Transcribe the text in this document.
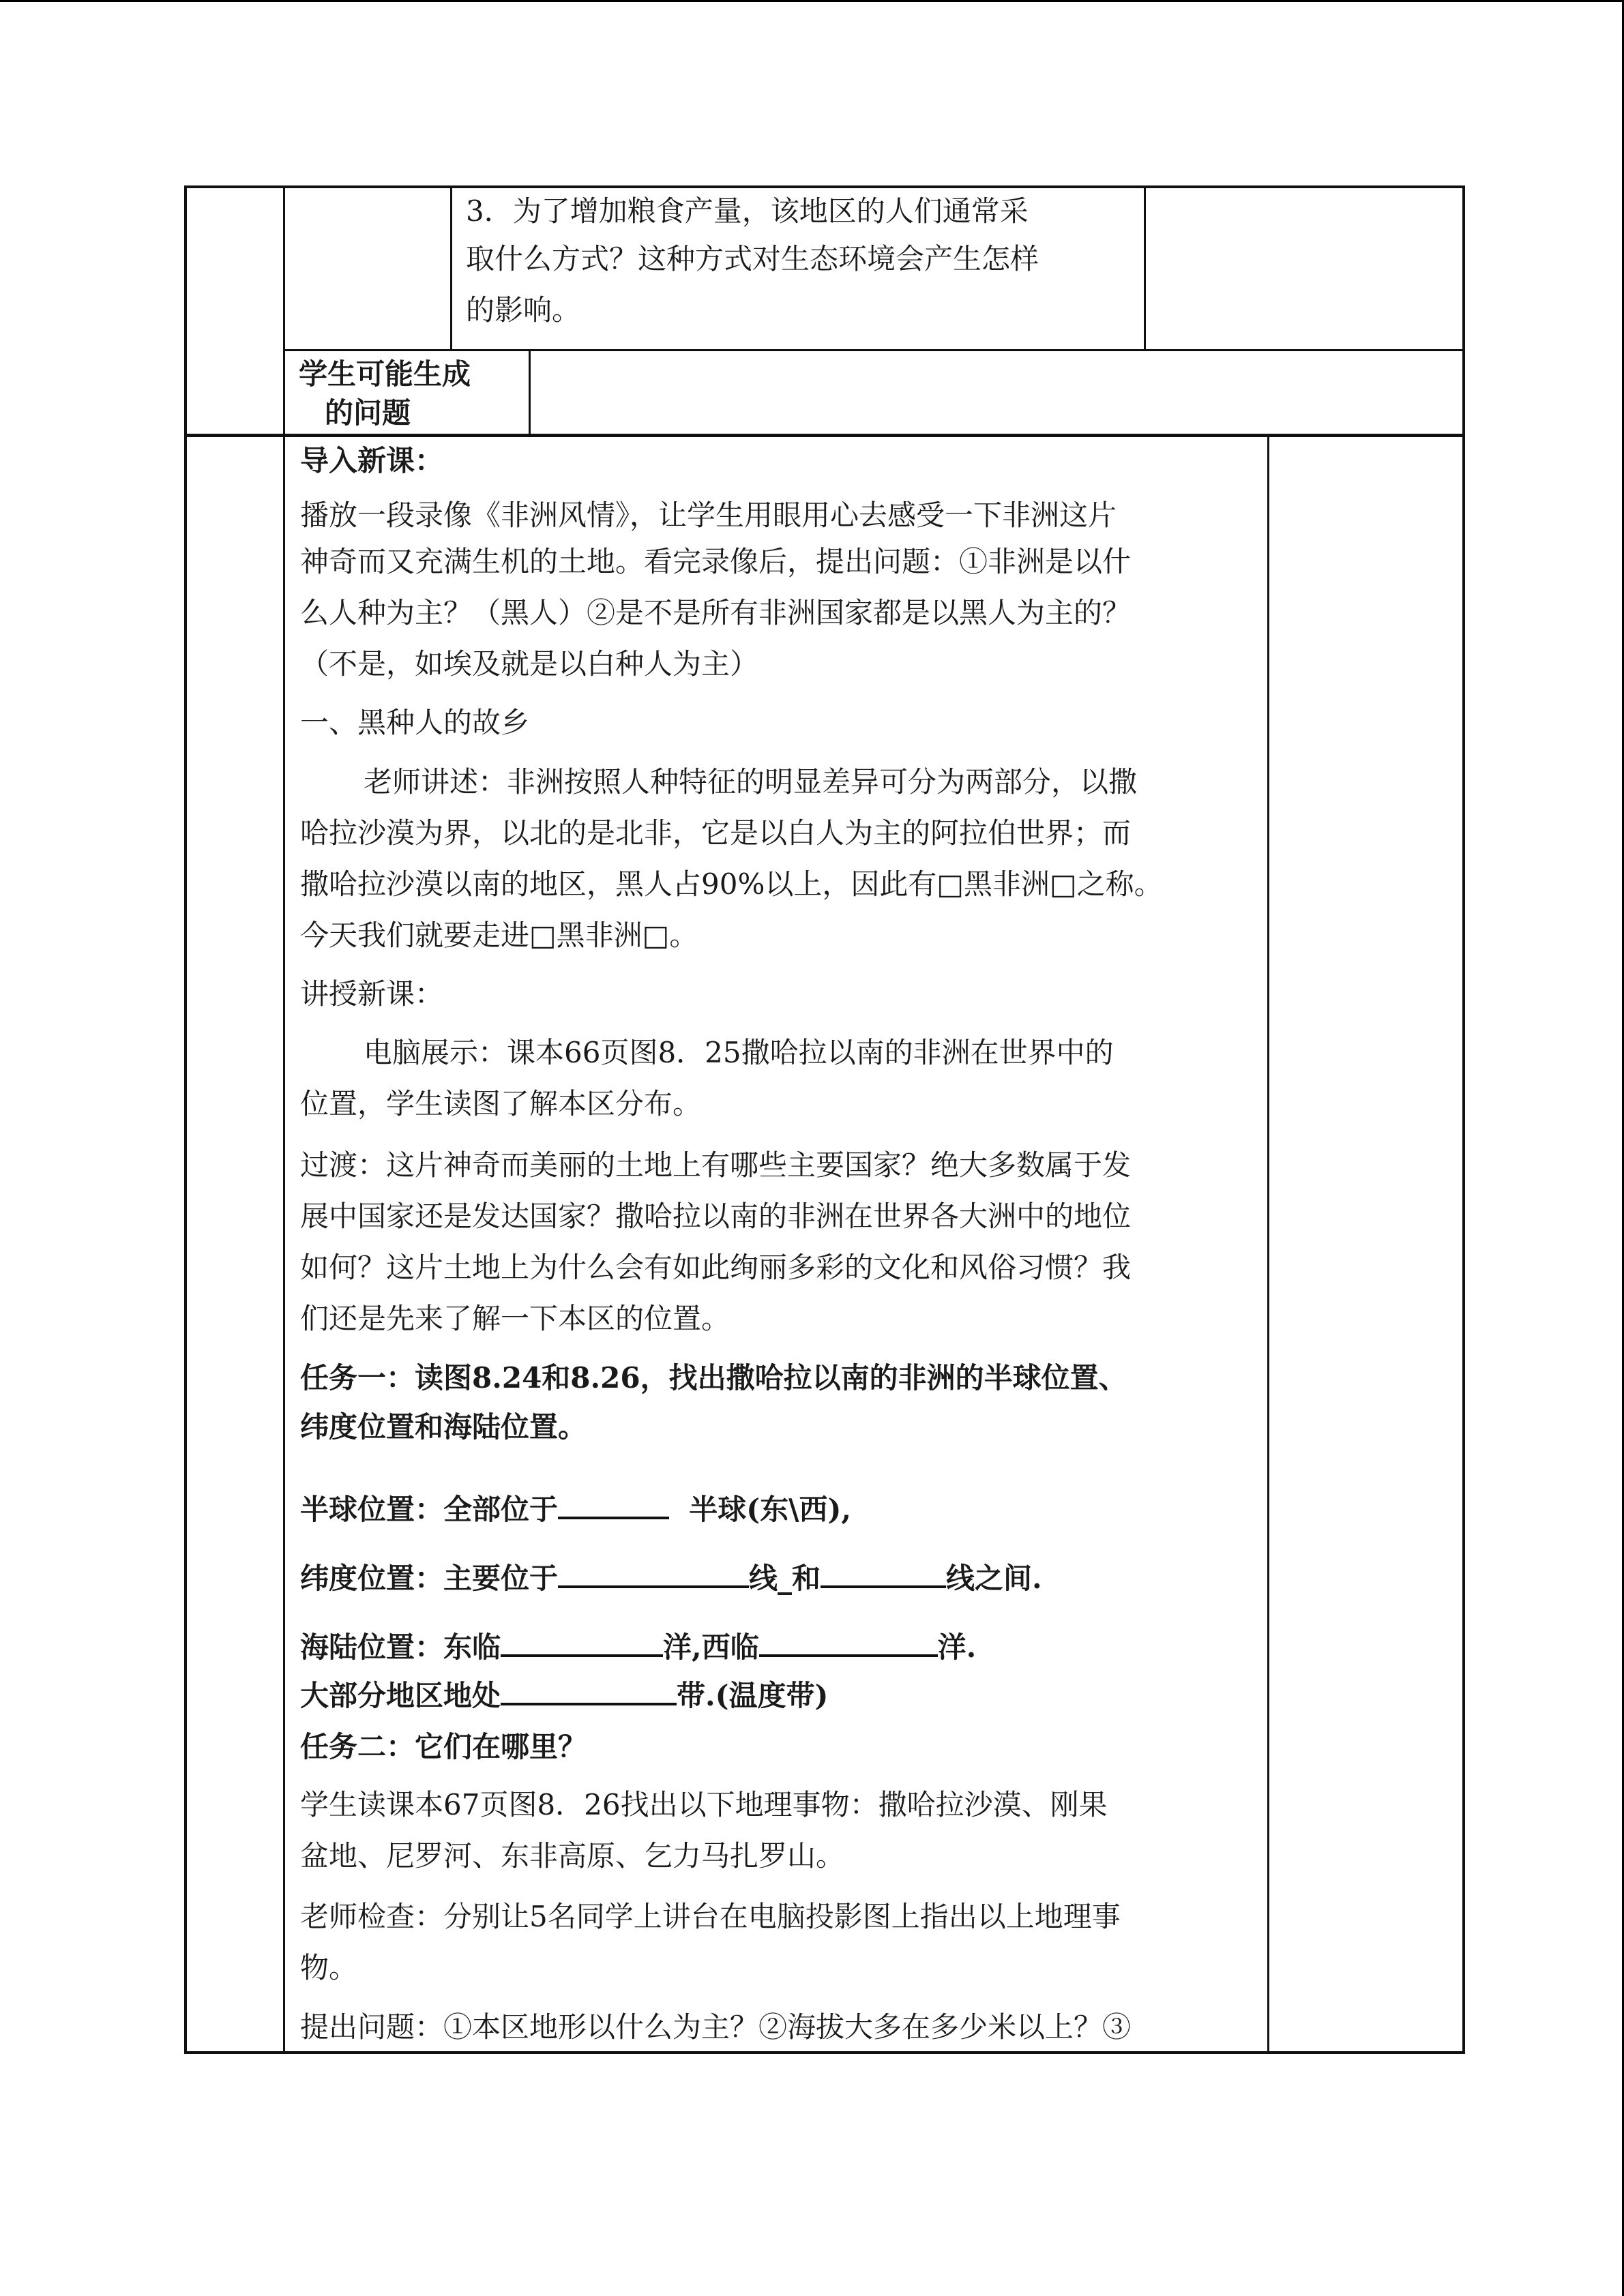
3．为了增加粮食产量，该地区的人们通常采
取什么方式？这种方式对生态环境会产生怎样
的影响。
学生可能生成
的问题
导入新课：
播放一段录像《非洲风情》，让学生用眼用心去感受一下非洲这片
神奇而又充满生机的土地。看完录像后，提出问题：①非洲是以什
么人种为主？（黑人）②是不是所有非洲国家都是以黑人为主的？
（不是，如埃及就是以白种人为主）
一、黑种人的故乡
老师讲述：非洲按照人种特征的明显差异可分为两部分，以撒
哈拉沙漠为界，以北的是北非，它是以白人为主的阿拉伯世界；而
撒哈拉沙漠以南的地区，黑人占90%以上，因此有□黑非洲□之称。
今天我们就要走进□黑非洲□。
讲授新课：
电脑展示：课本66页图8．25撒哈拉以南的非洲在世界中的
位置，学生读图了解本区分布。
过渡：这片神奇而美丽的土地上有哪些主要国家？绝大多数属于发
展中国家还是发达国家？撒哈拉以南的非洲在世界各大洲中的地位
如何？这片土地上为什么会有如此绚丽多彩的文化和风俗习惯？我
们还是先来了解一下本区的位置。
任务一：读图8.24和8.26，找出撒哈拉以南的非洲的半球位置、
纬度位置和海陆位置。
半球位置：全部位于	半球(东\西),
纬度位置：主要位于	线_和	线之间.
海陆位置：东临	洋,西临	洋.
大部分地区地处	带.(温度带)
任务二：它们在哪里？
学生读课本67页图8．26找出以下地理事物：撒哈拉沙漠、刚果
盆地、尼罗河、东非高原、乞力马扎罗山。
老师检查：分别让5名同学上讲台在电脑投影图上指出以上地理事
物。
提出问题：①本区地形以什么为主？②海拔大多在多少米以上？③
